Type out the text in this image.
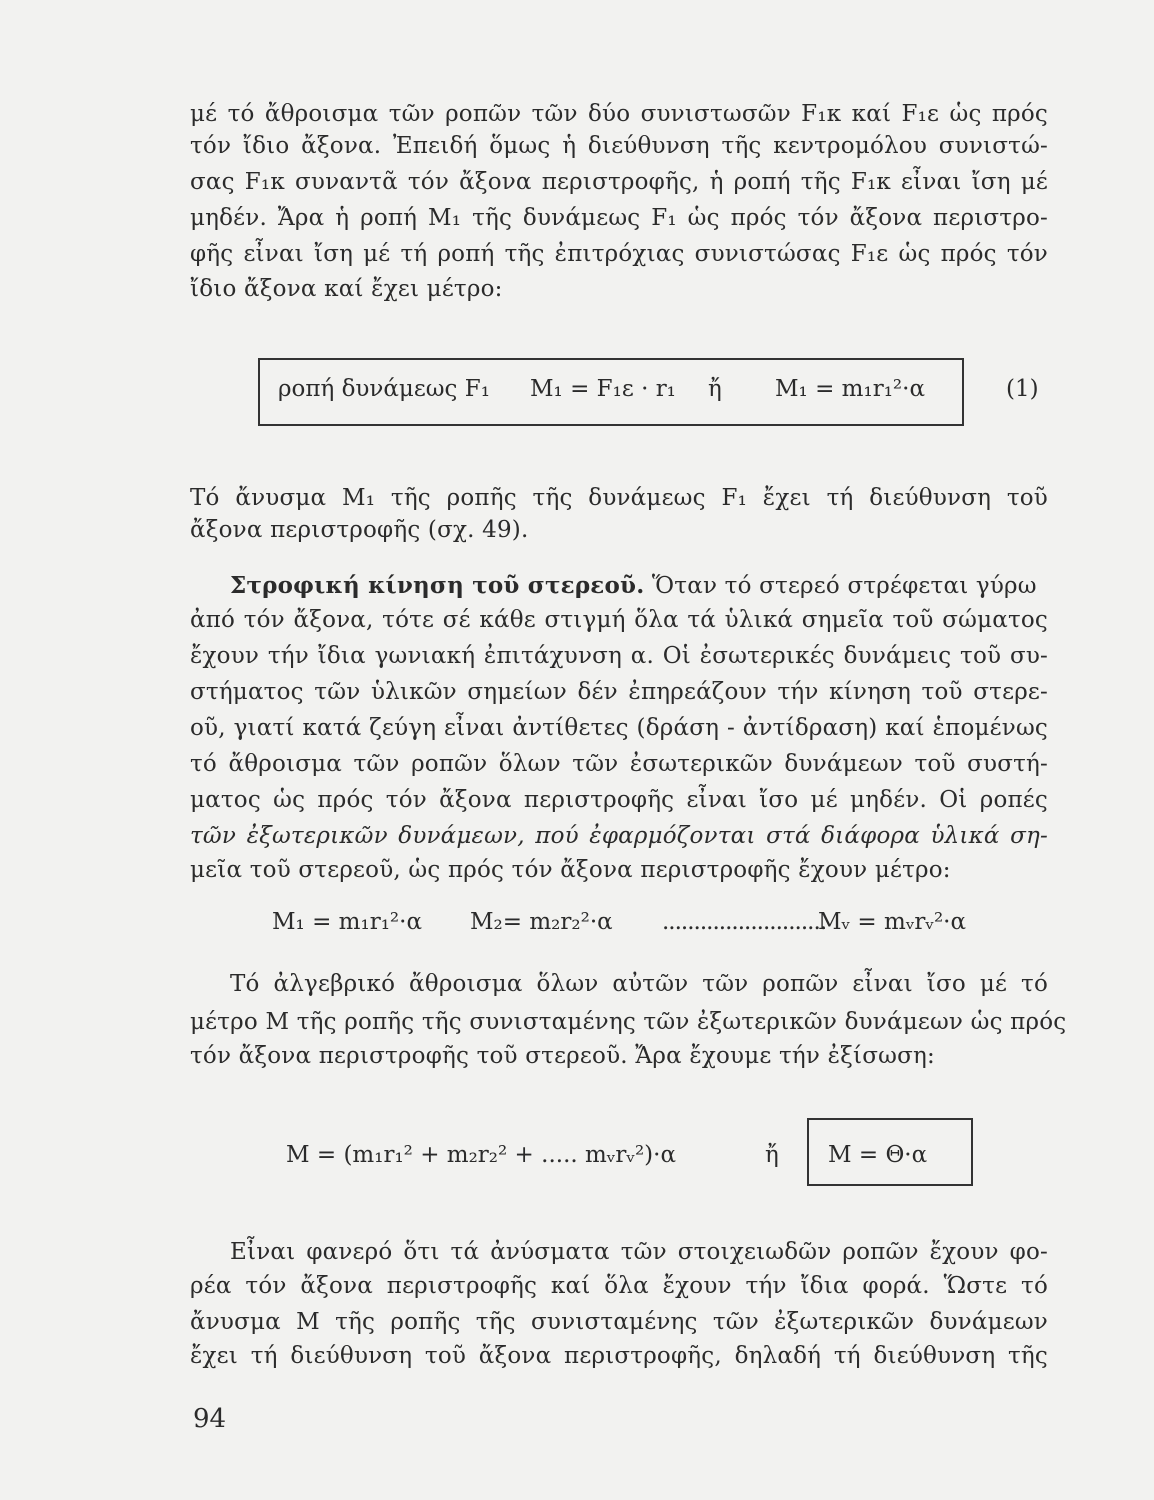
μέ τό ἄθροισμα τῶν ροπῶν τῶν δύο συνιστωσῶν F₁κ καί F₁ε ὡς πρός
τόν ἴδιο ἄξονα. Ἐπειδή ὅμως ἡ διεύθυνση τῆς κεντρομόλου συνιστώ-
σας F₁κ συναντᾶ τόν ἄξονα περιστροφῆς, ἡ ροπή τῆς F₁κ εἶναι ἴση μέ
μηδέν. Ἄρα ἡ ροπή M₁ τῆς δυνάμεως F₁ ὡς πρός τόν ἄξονα περιστρο-
φῆς εἶναι ἴση μέ τή ροπή τῆς ἐπιτρόχιας συνιστώσας F₁ε ὡς πρός τόν
ἴδιο ἄξονα καί ἔχει μέτρο:
ροπή δυνάμεως F₁ M₁ = F₁ε · r₁ ἤ M₁ = m₁r₁²·α	(1)
Τό ἄνυσμα M₁ τῆς ροπῆς τῆς δυνάμεως F₁ ἔχει τή διεύθυνση τοῦ
ἄξονα περιστροφῆς (σχ. 49).
Στροφική κίνηση τοῦ στερεοῦ. Ὅταν τό στερεό στρέφεται γύρω
ἀπό τόν ἄξονα, τότε σέ κάθε στιγμή ὅλα τά ὑλικά σημεῖα τοῦ σώματος
ἔχουν τήν ἴδια γωνιακή ἐπιτάχυνση α. Οἱ ἐσωτερικές δυνάμεις τοῦ συ-
στήματος τῶν ὑλικῶν σημείων δέν ἐπηρεάζουν τήν κίνηση τοῦ στερε-
οῦ, γιατί κατά ζεύγη εἶναι ἀντίθετες (δράση - ἀντίδραση) καί ἑπομένως
τό ἄθροισμα τῶν ροπῶν ὅλων τῶν ἐσωτερικῶν δυνάμεων τοῦ συστή-
ματος ὡς πρός τόν ἄξονα περιστροφῆς εἶναι ἴσο μέ μηδέν. Οἱ ροπές
τῶν ἐξωτερικῶν δυνάμεων, πού ἐφαρμόζονται στά διάφορα ὑλικά ση-
μεῖα τοῦ στερεοῦ, ὡς πρός τόν ἄξονα περιστροφῆς ἔχουν μέτρο:
M₁ = m₁r₁²·α M₂= m₂r₂²·α ..........................
Mᵥ = mᵥrᵥ²·α
Τό ἀλγεβρικό ἄθροισμα ὅλων αὐτῶν τῶν ροπῶν εἶναι ἴσο μέ τό
μέτρο M τῆς ροπῆς τῆς συνισταμένης τῶν ἐξωτερικῶν δυνάμεων ὡς πρός
τόν ἄξονα περιστροφῆς τοῦ στερεοῦ. Ἄρα ἔχουμε τήν ἐξίσωση:
M = (m₁r₁² + m₂r₂² + ..... mᵥrᵥ²)·α	ἤ M = Θ·α
Εἶναι φανερό ὅτι τά ἀνύσματα τῶν στοιχειωδῶν ροπῶν ἔχουν φο-
ρέα τόν ἄξονα περιστροφῆς καί ὅλα ἔχουν τήν ἴδια φορά. Ὥστε τό
ἄνυσμα M τῆς ροπῆς τῆς συνισταμένης τῶν ἐξωτερικῶν δυνάμεων
ἔχει τή διεύθυνση τοῦ ἄξονα περιστροφῆς, δηλαδή τή διεύθυνση τῆς
94
